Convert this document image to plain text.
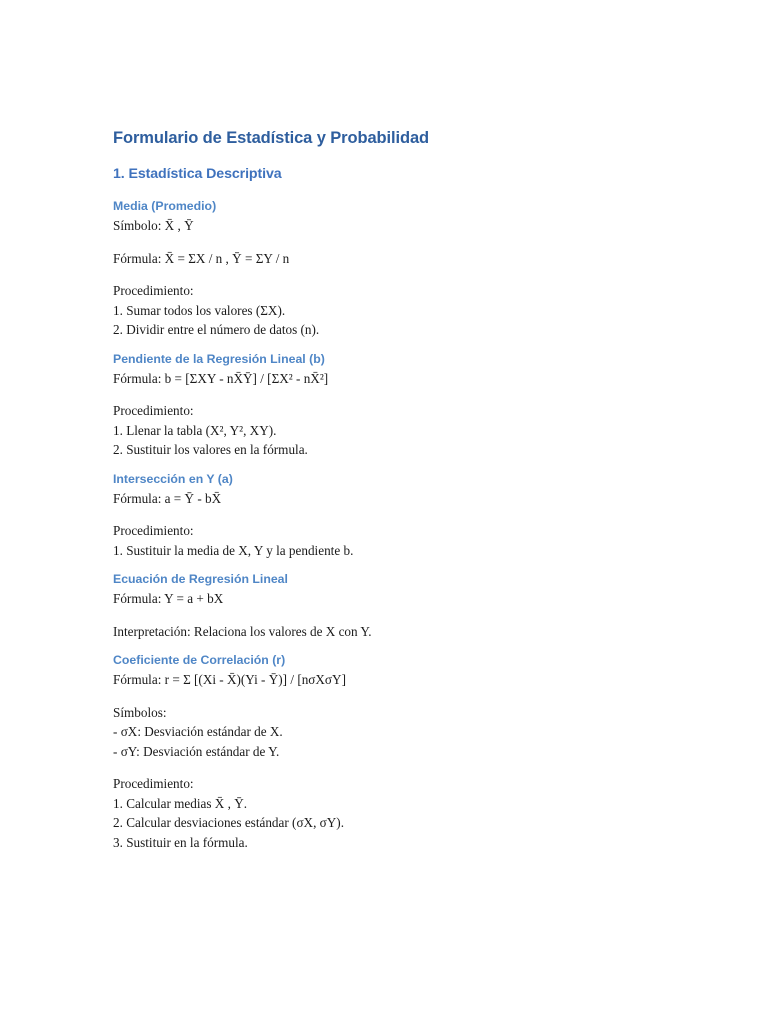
Formulario de Estadística y Probabilidad
1. Estadística Descriptiva
Media (Promedio)
Símbolo: X̄ , Ȳ
Fórmula: X̄ = ΣX / n , Ȳ = ΣY / n
Procedimiento:
1. Sumar todos los valores (ΣX).
2. Dividir entre el número de datos (n).
Pendiente de la Regresión Lineal (b)
Fórmula: b = [ΣXY - nX̄Ȳ] / [ΣX² - nX̄²]
Procedimiento:
1. Llenar la tabla (X², Y², XY).
2. Sustituir los valores en la fórmula.
Intersección en Y (a)
Fórmula: a = Ȳ - bX̄
Procedimiento:
1. Sustituir la media de X, Y y la pendiente b.
Ecuación de Regresión Lineal
Fórmula: Y = a + bX
Interpretación: Relaciona los valores de X con Y.
Coeficiente de Correlación (r)
Fórmula: r = Σ [(Xi - X̄)(Yi - Ȳ)] / [nσXσY]
Símbolos:
- σX: Desviación estándar de X.
- σY: Desviación estándar de Y.
Procedimiento:
1. Calcular medias X̄ , Ȳ.
2. Calcular desviaciones estándar (σX, σY).
3. Sustituir en la fórmula.
